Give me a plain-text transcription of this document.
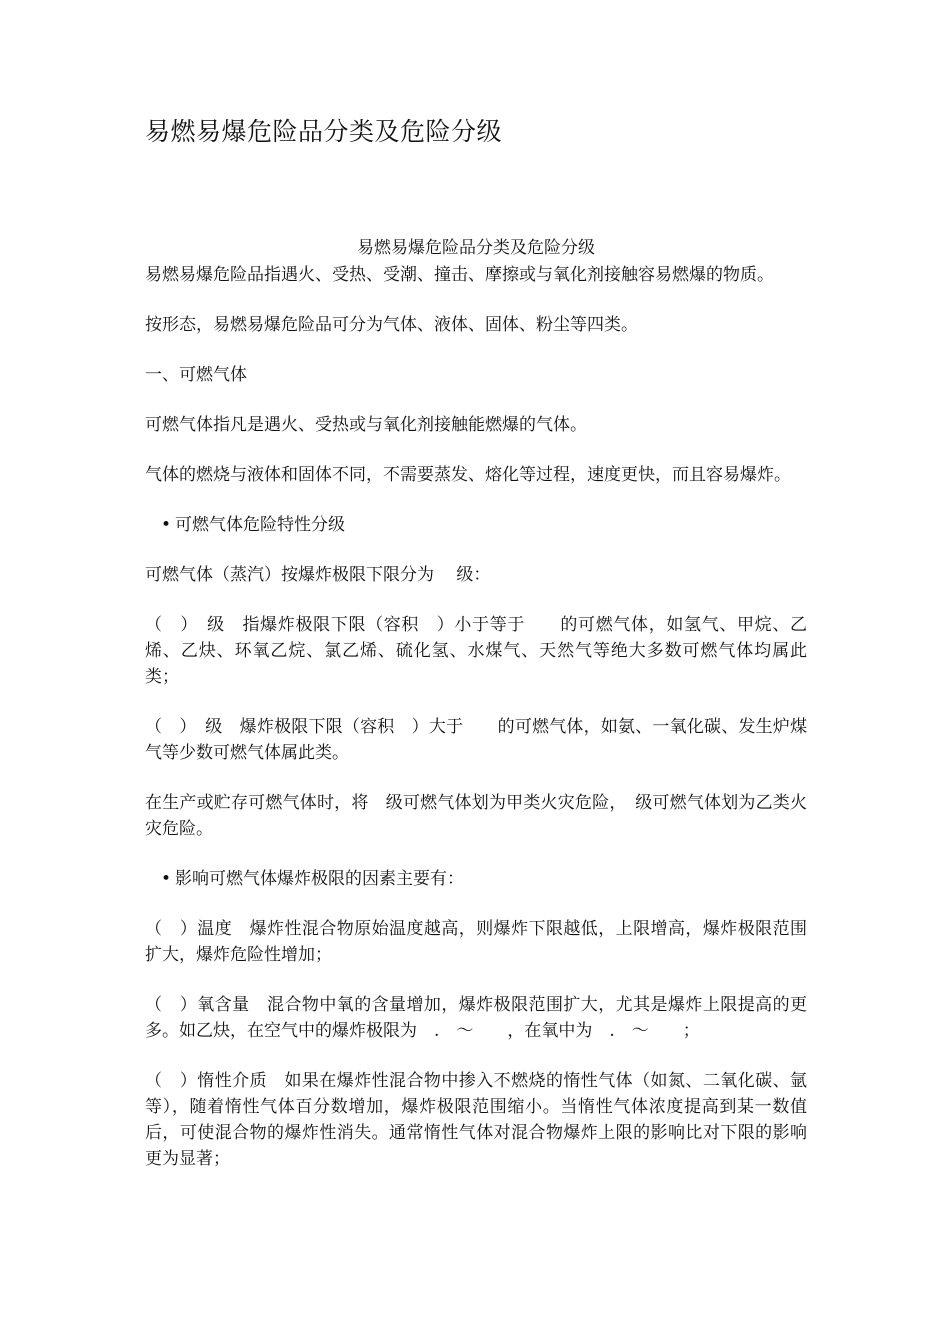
易燃易爆危险品分类及危险分级

易燃易爆危险品分类及危险分级

易燃易爆危险品指遇火、受热、受潮、撞击、摩擦或与氧化剂接触容易燃爆的物质。

按形态，易燃易爆危险品可分为气体、液体、固体、粉尘等四类。

一、可燃气体

可燃气体指凡是遇火、受热或与氧化剂接触能燃爆的气体。

气体的燃烧与液体和固体不同，不需要蒸发、熔化等过程，速度更快，而且容易爆炸。

• 可燃气体危险特性分级

可燃气体（蒸汽）按爆炸极限下限分为　 级：

（　）　级　指爆炸极限下限（容积　）小于等于　　的可燃气体，如氢气、甲烷、乙烯、乙炔、环氧乙烷、氯乙烯、硫化氢、水煤气、天然气等绝大多数可燃气体均属此类；

（　）　级　爆炸极限下限（容积　）大于　　的可燃气体，如氨、一氧化碳、发生炉煤气等少数可燃气体属此类。

在生产或贮存可燃气体时，将　级可燃气体划为甲类火灾危险，　级可燃气体划为乙类火灾危险。

• 影响可燃气体爆炸极限的因素主要有：

（　）温度　爆炸性混合物原始温度越高，则爆炸下限越低，上限增高，爆炸极限范围扩大，爆炸危险性增加；

（　）氧含量　混合物中氧的含量增加，爆炸极限范围扩大，尤其是爆炸上限提高的更多。如乙炔，在空气中的爆炸极限为　.　～　　，在氧中为　.　～　　；

（　）惰性介质　如果在爆炸性混合物中掺入不燃烧的惰性气体（如氮、二氧化碳、氩等），随着惰性气体百分数增加，爆炸极限范围缩小。当惰性气体浓度提高到某一数值后，可使混合物的爆炸性消失。通常惰性气体对混合物爆炸上限的影响比对下限的影响更为显著；
